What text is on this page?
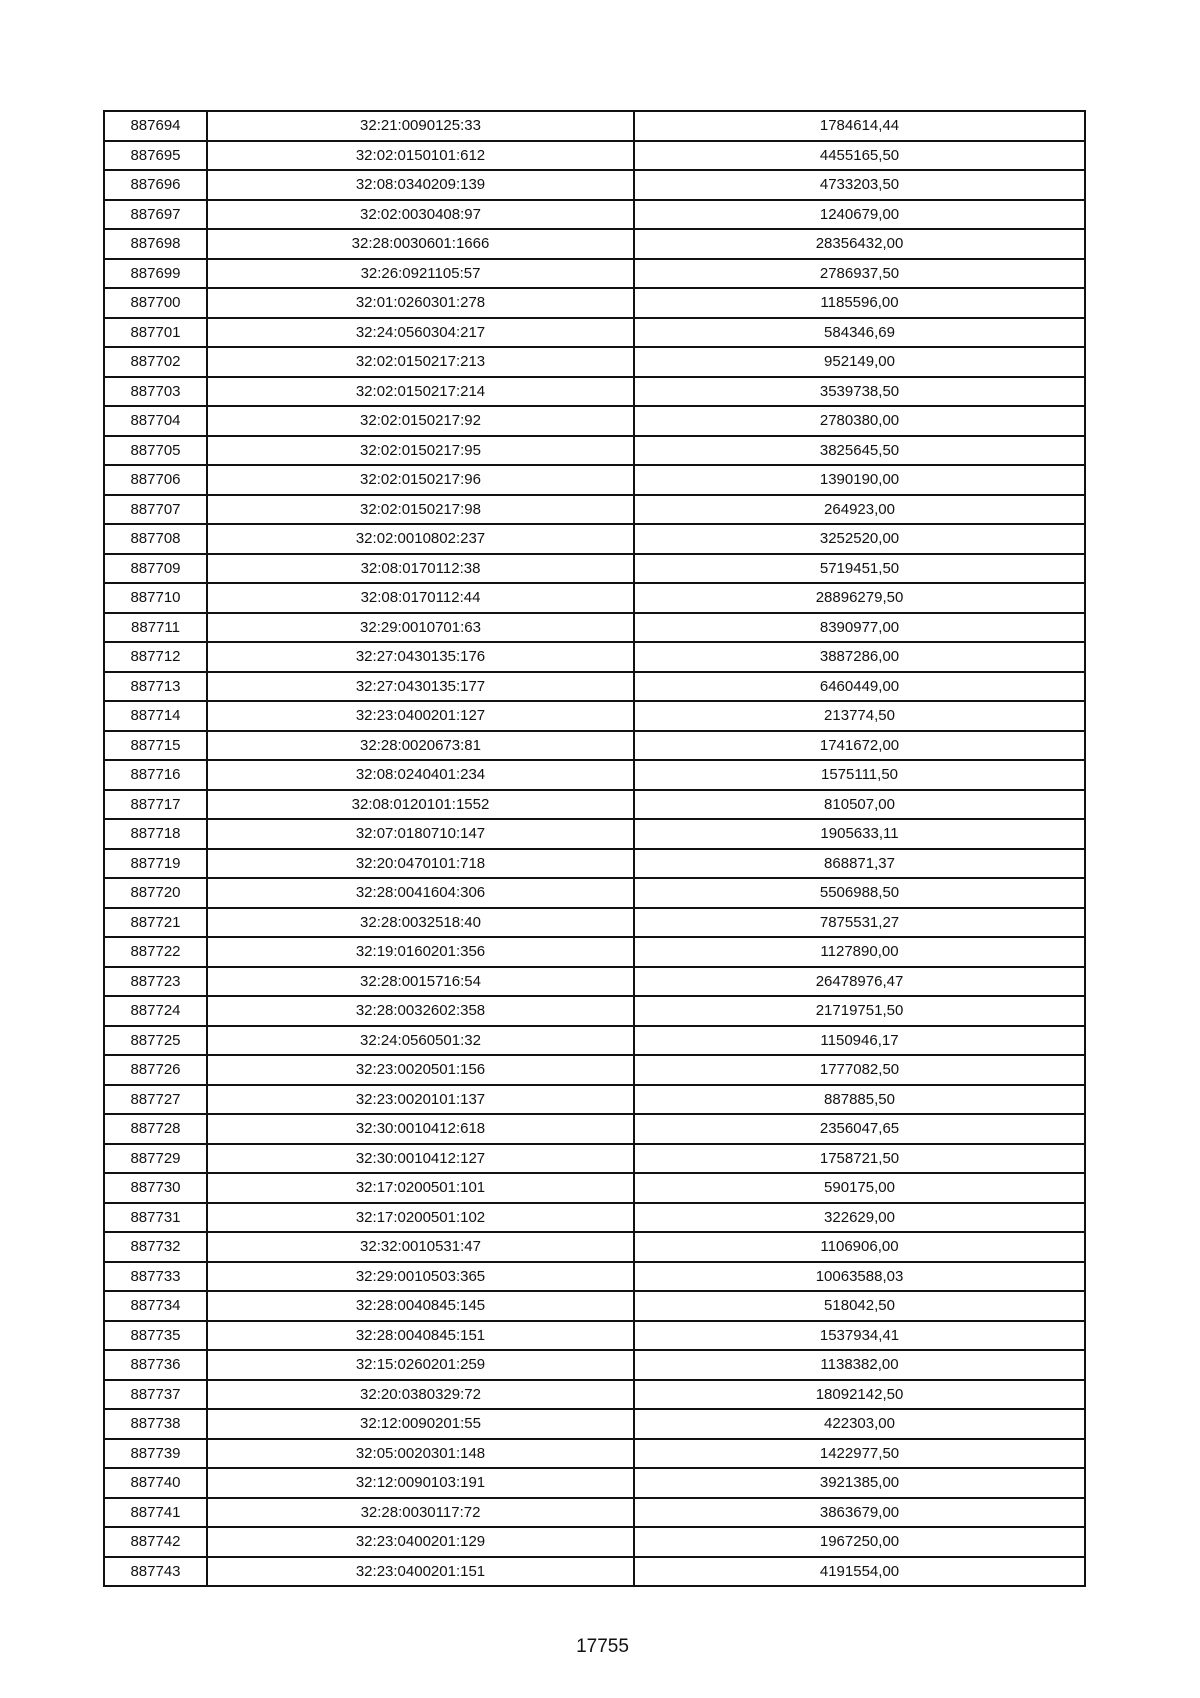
887694	32:21:0090125:33	1784614,44
887695	32:02:0150101:612	4455165,50
887696	32:08:0340209:139	4733203,50
887697	32:02:0030408:97	1240679,00
887698	32:28:0030601:1666	28356432,00
887699	32:26:0921105:57	2786937,50
887700	32:01:0260301:278	1185596,00
887701	32:24:0560304:217	584346,69
887702	32:02:0150217:213	952149,00
887703	32:02:0150217:214	3539738,50
887704	32:02:0150217:92	2780380,00
887705	32:02:0150217:95	3825645,50
887706	32:02:0150217:96	1390190,00
887707	32:02:0150217:98	264923,00
887708	32:02:0010802:237	3252520,00
887709	32:08:0170112:38	5719451,50
887710	32:08:0170112:44	28896279,50
887711	32:29:0010701:63	8390977,00
887712	32:27:0430135:176	3887286,00
887713	32:27:0430135:177	6460449,00
887714	32:23:0400201:127	213774,50
887715	32:28:0020673:81	1741672,00
887716	32:08:0240401:234	1575111,50
887717	32:08:0120101:1552	810507,00
887718	32:07:0180710:147	1905633,11
887719	32:20:0470101:718	868871,37
887720	32:28:0041604:306	5506988,50
887721	32:28:0032518:40	7875531,27
887722	32:19:0160201:356	1127890,00
887723	32:28:0015716:54	26478976,47
887724	32:28:0032602:358	21719751,50
887725	32:24:0560501:32	1150946,17
887726	32:23:0020501:156	1777082,50
887727	32:23:0020101:137	887885,50
887728	32:30:0010412:618	2356047,65
887729	32:30:0010412:127	1758721,50
887730	32:17:0200501:101	590175,00
887731	32:17:0200501:102	322629,00
887732	32:32:0010531:47	1106906,00
887733	32:29:0010503:365	10063588,03
887734	32:28:0040845:145	518042,50
887735	32:28:0040845:151	1537934,41
887736	32:15:0260201:259	1138382,00
887737	32:20:0380329:72	18092142,50
887738	32:12:0090201:55	422303,00
887739	32:05:0020301:148	1422977,50
887740	32:12:0090103:191	3921385,00
887741	32:28:0030117:72	3863679,00
887742	32:23:0400201:129	1967250,00
887743	32:23:0400201:151	4191554,00
17755
